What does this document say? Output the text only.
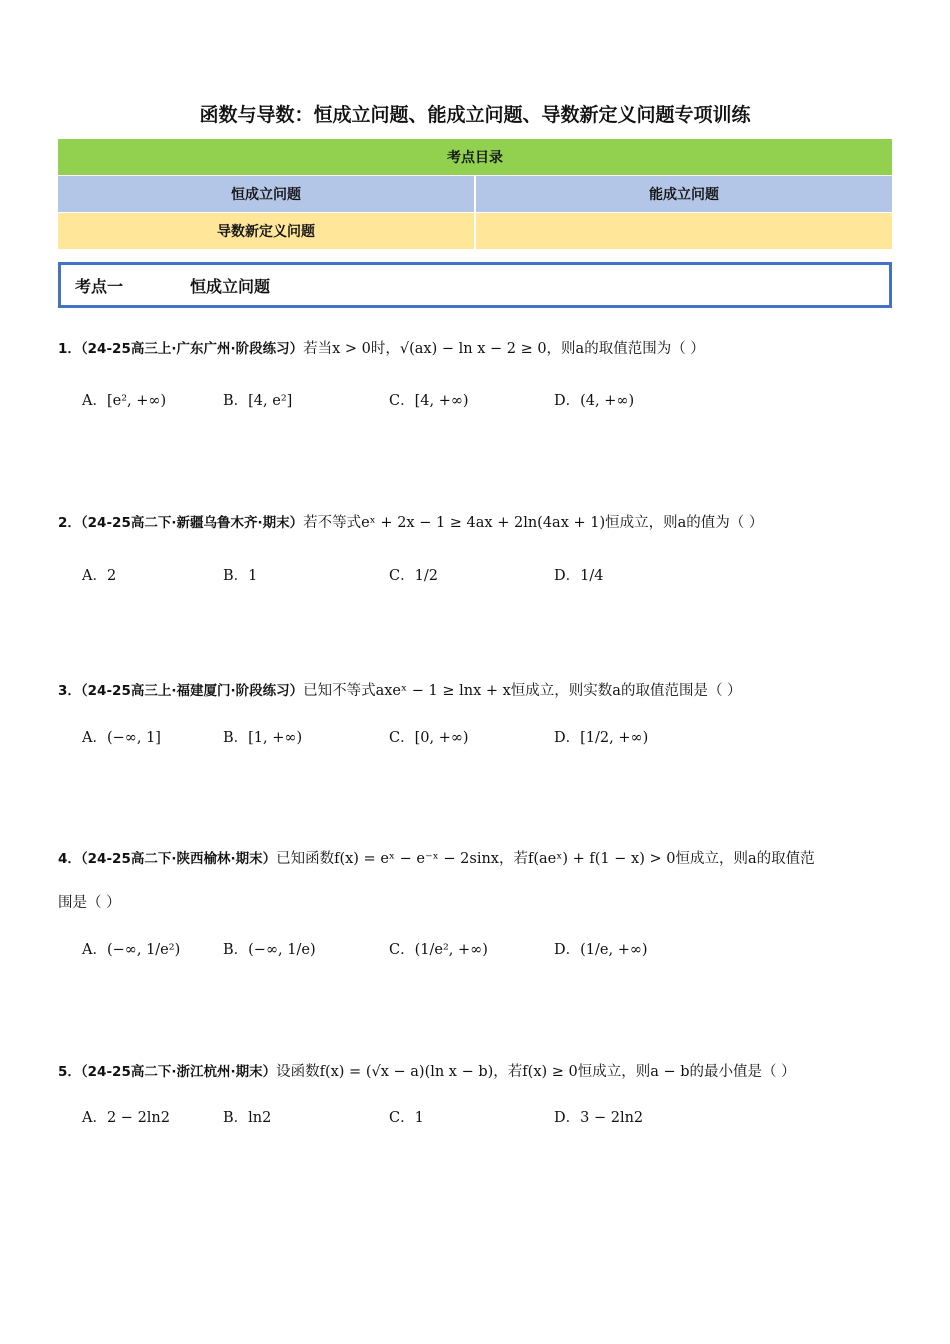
函数与导数：恒成立问题、能成立问题、导数新定义问题专项训练
考点目录
恒成立问题	能成立问题
导数新定义问题
考点一	恒成立问题
1．（24-25高三上·广东广州·阶段练习）若当x > 0时，√(ax) − ln x − 2 ≥ 0，则a的取值范围为（ ）
A．[e², +∞)	B．[4, e²]	C．[4, +∞)	D．(4, +∞)
2．（24-25高二下·新疆乌鲁木齐·期末）若不等式eˣ + 2x − 1 ≥ 4ax + 2ln(4ax + 1)恒成立，则a的值为（ ）
A．2	B．1	C．1/2	D．1/4
3．（24-25高三上·福建厦门·阶段练习）已知不等式axeˣ − 1 ≥ lnx + x恒成立，则实数a的取值范围是（ ）
A．(−∞, 1]	B．[1, +∞)	C．[0, +∞)	D．[1/2, +∞)
4．（24-25高二下·陕西榆林·期末）已知函数f(x) = eˣ − e⁻ˣ − 2sinx，若f(aeˣ) + f(1 − x) > 0恒成立，则a的取值范
围是（ ）
A．(−∞, 1/e²)	B．(−∞, 1/e)	C．(1/e², +∞)	D．(1/e, +∞)
5．（24-25高二下·浙江杭州·期末）设函数f(x) = (√x − a)(ln x − b)，若f(x) ≥ 0恒成立，则a − b的最小值是（ ）
A．2 − 2ln2	B．ln2	C．1	D．3 − 2ln2
